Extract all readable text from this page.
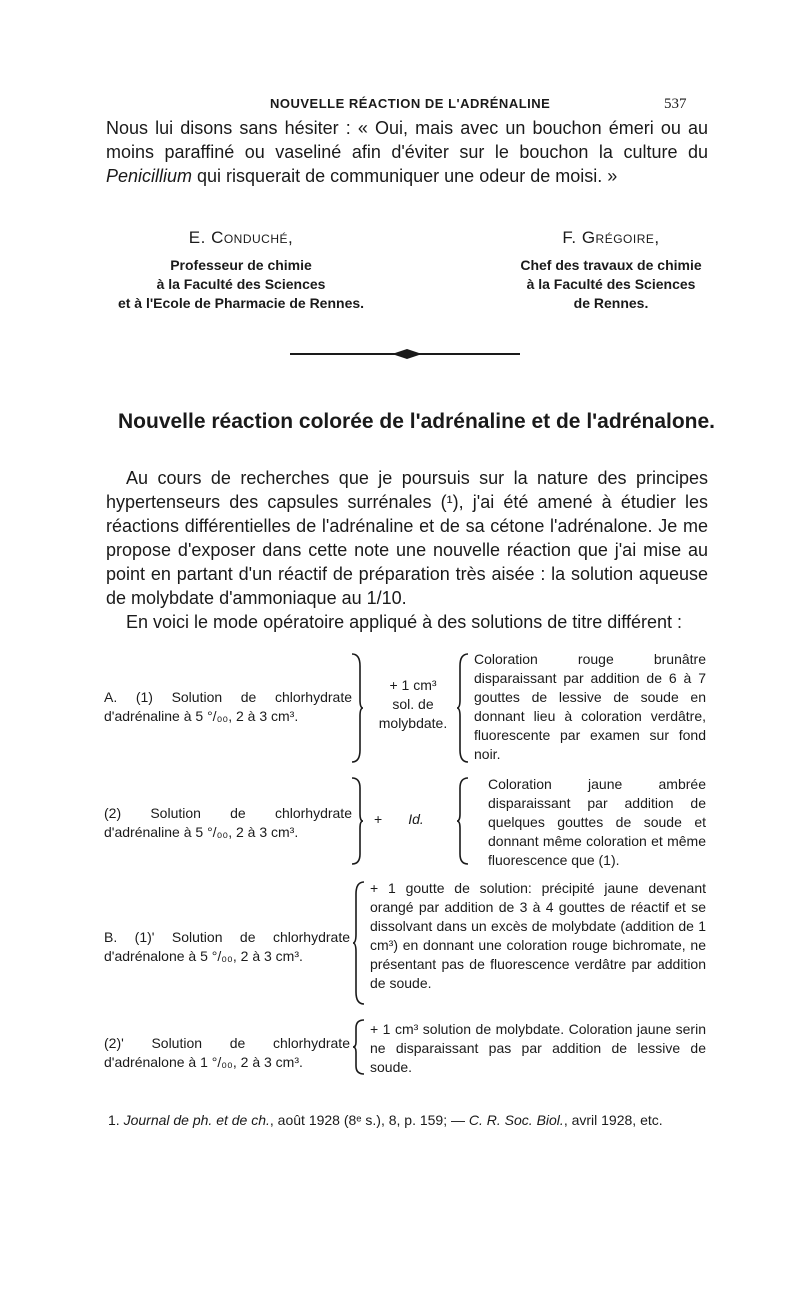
NOUVELLE RÉACTION DE L'ADRÉNALINE	537

Nous lui disons sans hésiter : « Oui, mais avec un bouchon émeri ou au moins paraffiné ou vaseliné afin d'éviter sur le bouchon la culture du Penicillium qui risquerait de communiquer une odeur de moisi. »

E. Conduché,
Professeur de chimie
à la Faculté des Sciences
et à l'Ecole de Pharmacie de Rennes.
F. Grégoire,
Chef des travaux de chimie
à la Faculté des Sciences
de Rennes.
Nouvelle réaction colorée de l'adrénaline et de l'adrénalone.

Au cours de recherches que je poursuis sur la nature des principes hypertenseurs des capsules surrénales (¹), j'ai été amené à étudier les réactions différentielles de l'adrénaline et de sa cétone l'adrénalone. Je me propose d'exposer dans cette note une nouvelle réaction que j'ai mise au point en partant d'un réactif de préparation très aisée : la solution aqueuse de molybdate d'ammoniaque au 1/10.

En voici le mode opératoire appliqué à des solutions de titre différent :

A. (1) Solution de chlorhydrate d'adrénaline à 5 °/₀₀, 2 à 3 cm³.
+ 1 cm³
sol. de
molybdate.
Coloration rouge brunâtre disparaissant par addition de 6 à 7 gouttes de lessive de soude en donnant lieu à coloration verdâtre, fluorescente par examen sur fond noir.
(2) Solution de chlorhydrate d'adrénaline à 5 °/₀₀, 2 à 3 cm³.
+ Id.
Coloration jaune ambrée disparaissant par addition de quelques gouttes de soude et donnant même coloration et même fluorescence que (1).
B. (1)' Solution de chlorhydrate d'adrénalone à 5 °/₀₀, 2 à 3 cm³.
+ 1 goutte de solution: précipité jaune devenant orangé par addition de 3 à 4 gouttes de réactif et se dissolvant dans un excès de molybdate (addition de 1 cm³) en donnant une coloration rouge bichromate, ne présentant pas de fluorescence verdâtre par addition de soude.
(2)' Solution de chlorhydrate d'adrénalone à 1 °/₀₀, 2 à 3 cm³.
+ 1 cm³ solution de molybdate. Coloration jaune serin ne disparaissant pas par addition de lessive de soude.
1. Journal de ph. et de ch., août 1928 (8ᵉ s.), 8, p. 159; — C. R. Soc. Biol., avril 1928, etc.
